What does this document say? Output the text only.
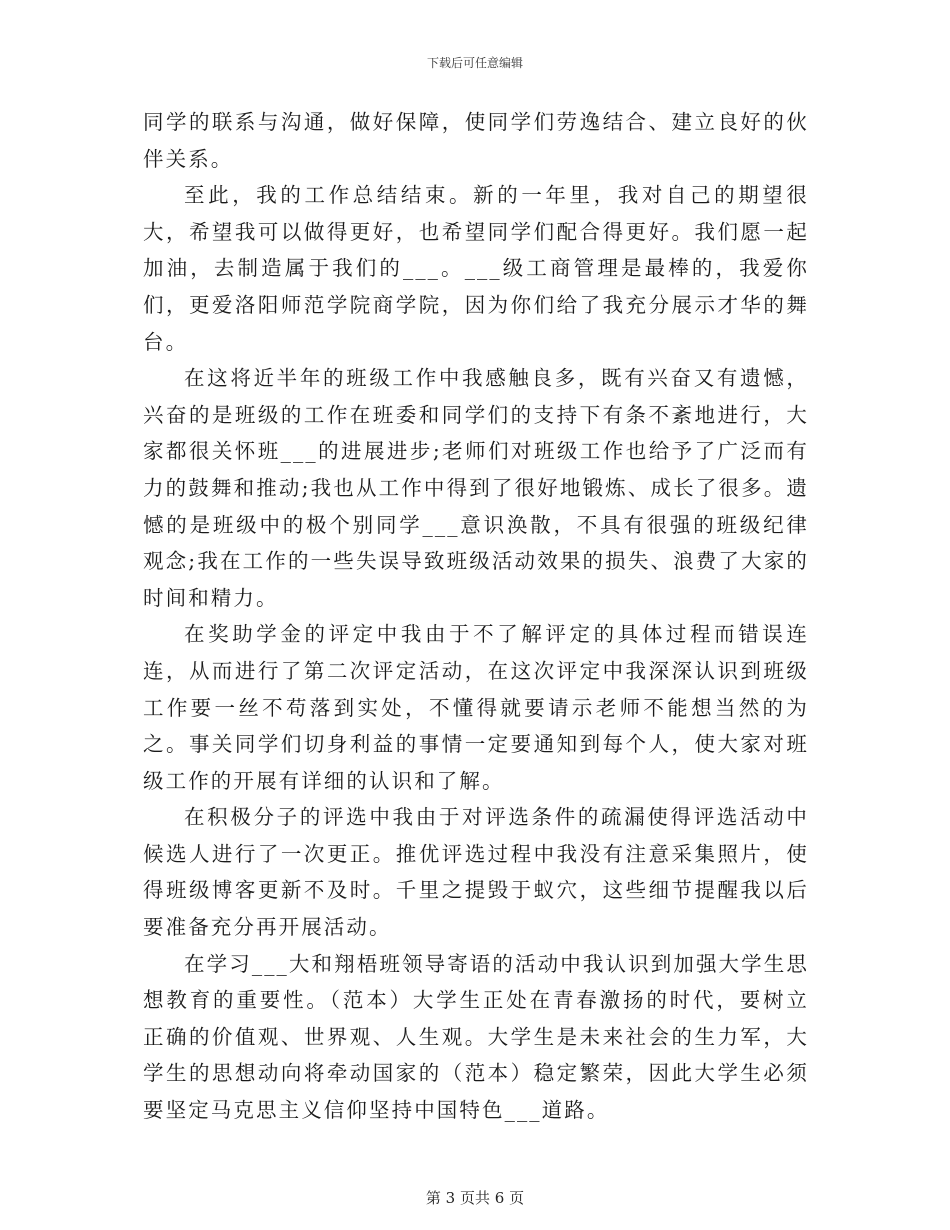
下载后可任意编辑

同学的联系与沟通，做好保障，使同学们劳逸结合、建立良好的伙伴关系。

至此，我的工作总结结束。新的一年里，我对自己的期望很大，希望我可以做得更好，也希望同学们配合得更好。我们愿一起加油，去制造属于我们的___。___级工商管理是最棒的，我爱你们，更爱洛阳师范学院商学院，因为你们给了我充分展示才华的舞台。

在这将近半年的班级工作中我感触良多，既有兴奋又有遗憾，兴奋的是班级的工作在班委和同学们的支持下有条不紊地进行，大家都很关怀班___的进展进步;老师们对班级工作也给予了广泛而有力的鼓舞和推动;我也从工作中得到了很好地锻炼、成长了很多。遗憾的是班级中的极个别同学___意识涣散，不具有很强的班级纪律观念;我在工作的一些失误导致班级活动效果的损失、浪费了大家的时间和精力。

在奖助学金的评定中我由于不了解评定的具体过程而错误连连，从而进行了第二次评定活动，在这次评定中我深深认识到班级工作要一丝不苟落到实处，不懂得就要请示老师不能想当然的为之。事关同学们切身利益的事情一定要通知到每个人，使大家对班级工作的开展有详细的认识和了解。

在积极分子的评选中我由于对评选条件的疏漏使得评选活动中候选人进行了一次更正。推优评选过程中我没有注意采集照片，使得班级博客更新不及时。千里之提毁于蚁穴，这些细节提醒我以后要准备充分再开展活动。

在学习___大和翔梧班领导寄语的活动中我认识到加强大学生思想教育的重要性。（范本）大学生正处在青春激扬的时代，要树立正确的价值观、世界观、人生观。大学生是未来社会的生力军，大学生的思想动向将牵动国家的（范本）稳定繁荣，因此大学生必须要坚定马克思主义信仰坚持中国特色___道路。

第 3 页共 6 页
